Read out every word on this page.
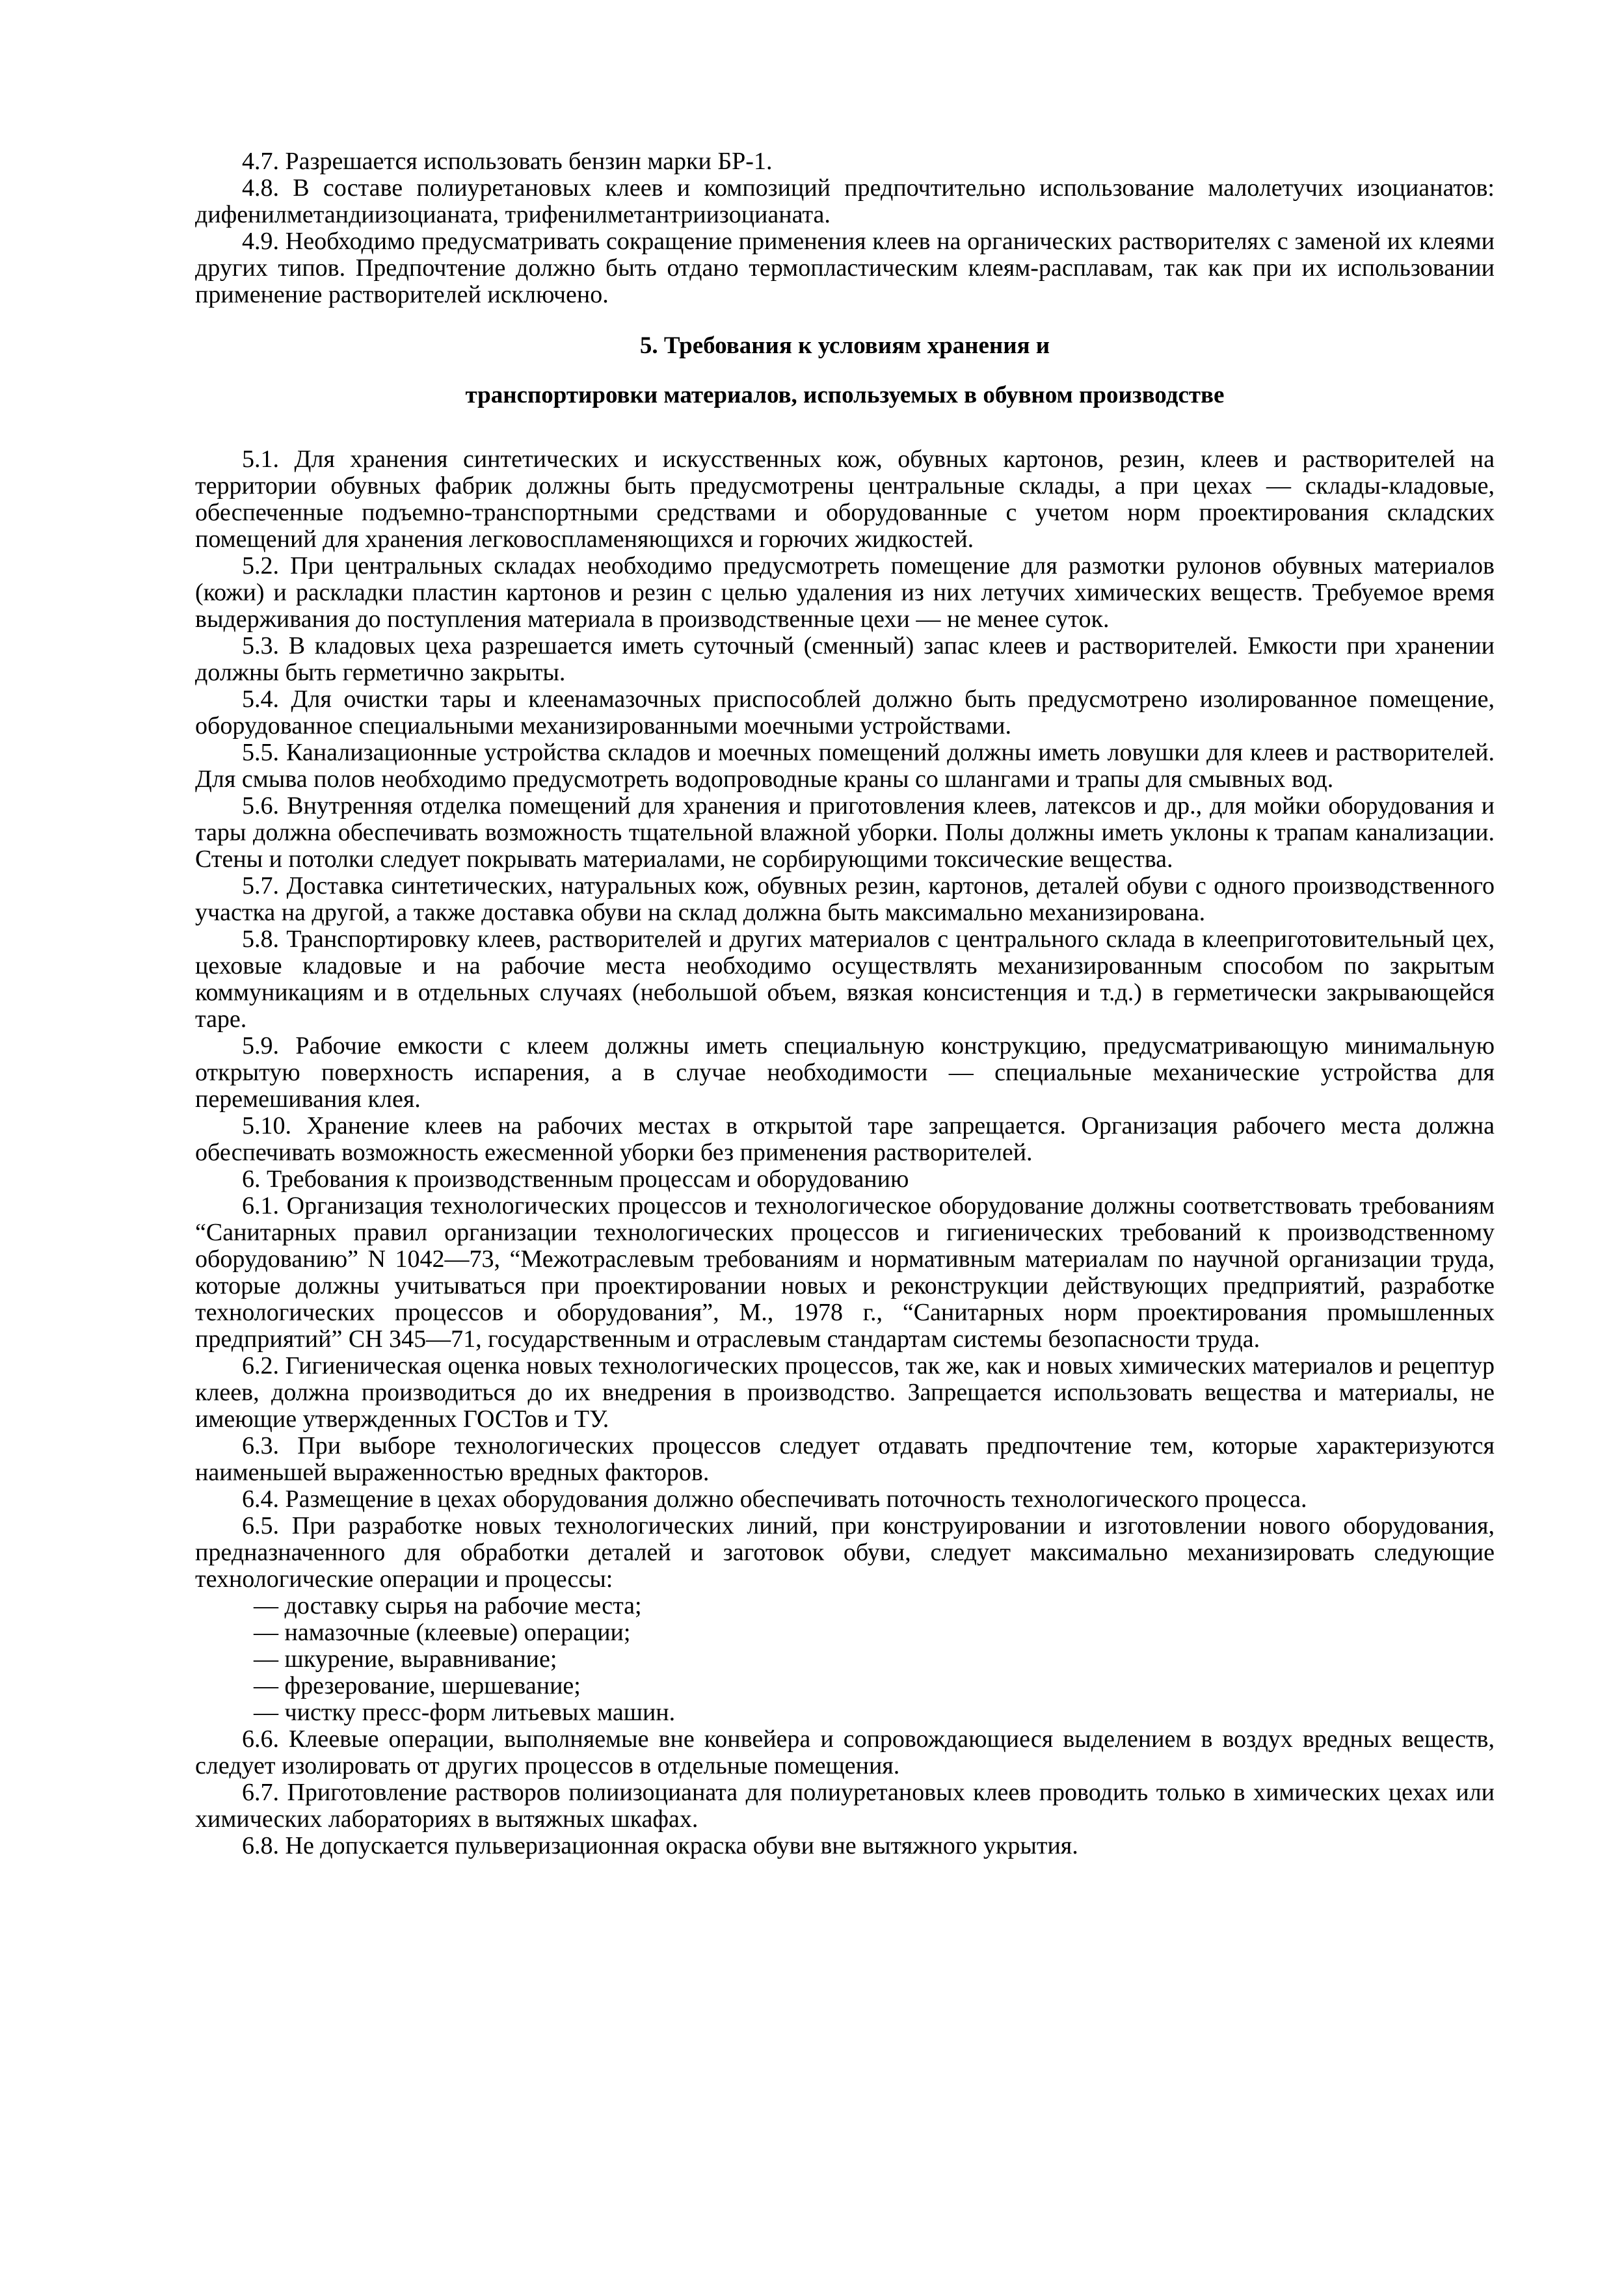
4.7. Разрешается использовать бензин марки БР-1.

4.8. В составе полиуретановых клеев и композиций предпочтительно использование малолетучих изоцианатов: дифенилметандиизоцианата, трифенилметантриизоцианата.

4.9. Необходимо предусматривать сокращение применения клеев на органических растворителях с заменой их клеями других типов. Предпочтение должно быть отдано термопластическим клеям-расплавам, так как при их использовании применение растворителей исключено.

5. Требования к условиям хранения и
транспортировки материалов, используемых в обувном производстве

5.1. Для хранения синтетических и искусственных кож, обувных картонов, резин, клеев и растворителей на территории обувных фабрик должны быть предусмотрены центральные склады, а при цехах — склады-кладовые, обеспеченные подъемно-транспортными средствами и оборудованные с учетом норм проектирования складских помещений для хранения легковоспламеняющихся и горючих жидкостей.

5.2. При центральных складах необходимо предусмотреть помещение для размотки рулонов обувных материалов (кожи) и раскладки пластин картонов и резин с целью удаления из них летучих химических веществ. Требуемое время выдерживания до поступления материала в производственные цехи — не менее суток.

5.3. В кладовых цеха разрешается иметь суточный (сменный) запас клеев и растворителей. Емкости при хранении должны быть герметично закрыты.

5.4. Для очистки тары и клеенамазочных приспособлей должно быть предусмотрено изолированное помещение, оборудованное специальными механизированными моечными устройствами.

5.5. Канализационные устройства складов и моечных помещений должны иметь ловушки для клеев и растворителей. Для смыва полов необходимо предусмотреть водопроводные краны со шлангами и трапы для смывных вод.

5.6. Внутренняя отделка помещений для хранения и приготовления клеев, латексов и др., для мойки оборудования и тары должна обеспечивать возможность тщательной влажной уборки. Полы должны иметь уклоны к трапам канализации. Стены и потолки следует покрывать материалами, не сорбирующими токсические вещества.

5.7. Доставка синтетических, натуральных кож, обувных резин, картонов, деталей обуви с одного производственного участка на другой, а также доставка обуви на склад должна быть максимально механизирована.

5.8. Транспортировку клеев, растворителей и других материалов с центрального склада в клееприготовительный цех, цеховые кладовые и на рабочие места необходимо осуществлять механизированным способом по закрытым коммуникациям и в отдельных случаях (небольшой объем, вязкая консистенция и т.д.) в герметически закрывающейся таре.

5.9. Рабочие емкости с клеем должны иметь специальную конструкцию, предусматривающую минимальную открытую поверхность испарения, а в случае необходимости — специальные механические устройства для перемешивания клея.

5.10. Хранение клеев на рабочих местах в открытой таре запрещается. Организация рабочего места должна обеспечивать возможность ежесменной уборки без применения растворителей.

6. Требования к производственным процессам и оборудованию

6.1. Организация технологических процессов и технологическое оборудование должны соответствовать требованиям “Санитарных правил организации технологических процессов и гигиенических требований к производственному оборудованию” N 1042—73, “Межотраслевым требованиям и нормативным материалам по научной организации труда, которые должны учитываться при проектировании новых и реконструкции действующих предприятий, разработке технологических процессов и оборудования”, М., 1978 г., “Санитарных норм проектирования промышленных предприятий” СН 345—71, государственным и отраслевым стандартам системы безопасности труда.

6.2. Гигиеническая оценка новых технологических процессов, так же, как и новых химических материалов и рецептур клеев, должна производиться до их внедрения в производство. Запрещается использовать вещества и материалы, не имеющие утвержденных ГОСТов и ТУ.

6.3. При выборе технологических процессов следует отдавать предпочтение тем, которые характеризуются наименьшей выраженностью вредных факторов.

6.4. Размещение в цехах оборудования должно обеспечивать поточность технологического процесса.

6.5. При разработке новых технологических линий, при конструировании и изготовлении нового оборудования, предназначенного для обработки деталей и заготовок обуви, следует максимально механизировать следующие технологические операции и процессы:

— доставку сырья на рабочие места;

— намазочные (клеевые) операции;

— шкурение, выравнивание;

— фрезерование, шершевание;

— чистку пресс-форм литьевых машин.

6.6. Клеевые операции, выполняемые вне конвейера и сопровождающиеся выделением в воздух вредных веществ, следует изолировать от других процессов в отдельные помещения.

6.7. Приготовление растворов полиизоцианата для полиуретановых клеев проводить только в химических цехах или химических лабораториях в вытяжных шкафах.

6.8. Не допускается пульверизационная окраска обуви вне вытяжного укрытия.
